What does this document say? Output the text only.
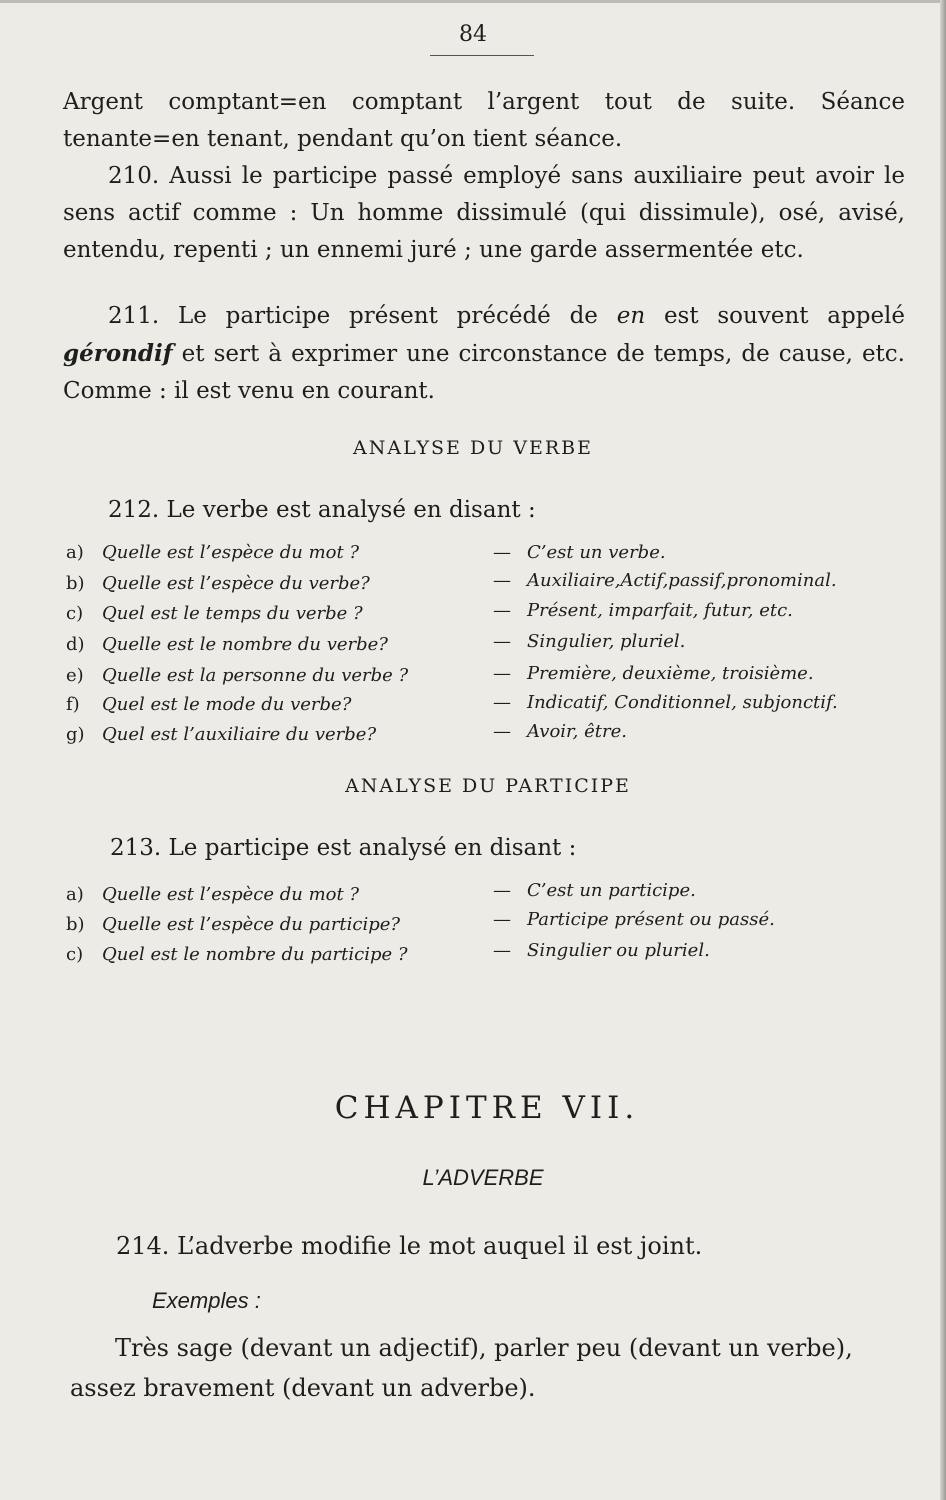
84

Argent comptant=en comptant l’argent tout de suite. Séance tenante=en tenant, pendant qu’on tient séance.

210. Aussi le participe passé employé sans auxiliaire peut avoir le sens actif comme : Un homme dissimulé (qui dissimule), osé, avisé, entendu, repenti ; un ennemi juré ; une garde assermentée etc.

211. Le participe présent précédé de en est souvent appelé gérondif et sert à exprimer une circonstance de temps, de cause, etc. Comme : il est venu en courant.

ANALYSE DU VERBE
212. Le verbe est analysé en disant :
a) Quelle est l’espèce du mot ?	— C’est un verbe.
b) Quelle est l’espèce du verbe?	— Auxiliaire,Actif,passif,pronominal.
c) Quel est le temps du verbe ?	— Présent, imparfait, futur, etc.
d) Quelle est le nombre du verbe?	— Singulier, pluriel.
e) Quelle est la personne du verbe ?	— Première, deuxième, troisième.
f) Quel est le mode du verbe?	— Indicatif, Conditionnel, subjonctif.
g) Quel est l’auxiliaire du verbe?	— Avoir, être.
ANALYSE DU PARTICIPE
213. Le participe est analysé en disant :
a) Quelle est l’espèce du mot ?	— C’est un participe.
b) Quelle est l’espèce du participe?	— Participe présent ou passé.
c) Quel est le nombre du participe ?	— Singulier ou pluriel.
CHAPITRE VII.
L’ADVERBE
214. L’adverbe modifie le mot auquel il est joint.
Exemples :

Très sage (devant un adjectif), parler peu (devant un verbe), assez bravement (devant un adverbe).
